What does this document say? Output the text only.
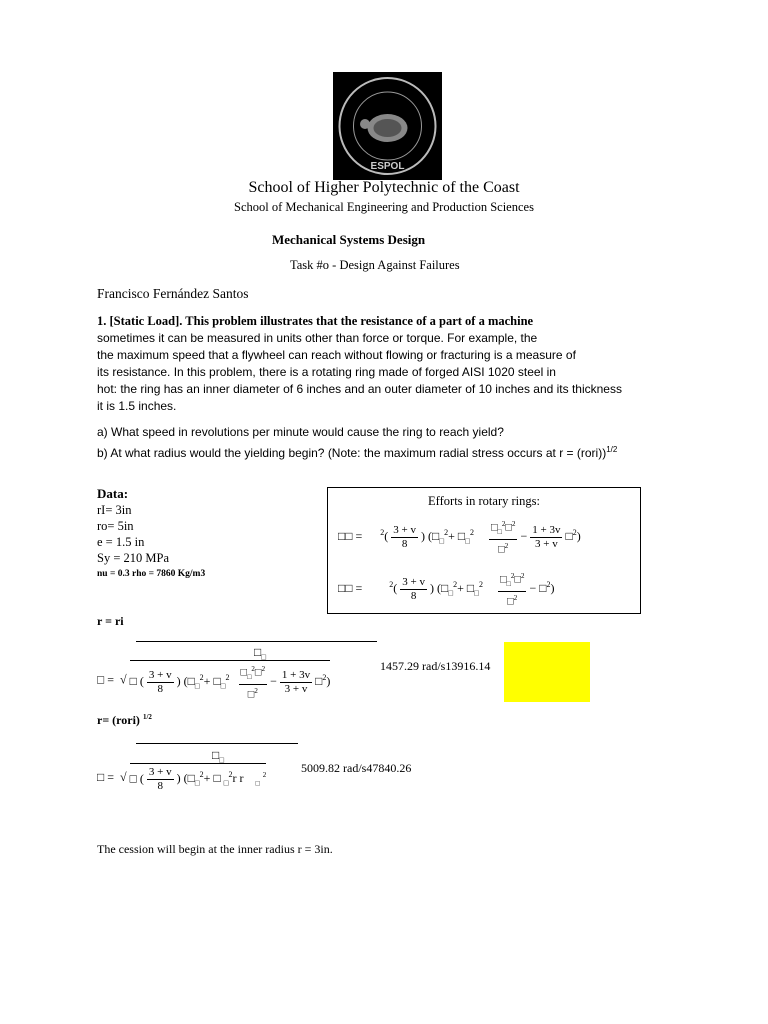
ESPOL
School of Higher Polytechnic of the Coast
School of Mechanical Engineering and Production Sciences
Mechanical Systems Design
Task #o - Design Against Failures
Francisco Fernández Santos

1. [Static Load]. This problem illustrates that the resistance of a part of a machine

sometimes it can be measured in units other than force or torque. For example, the

the maximum speed that a flywheel can reach without flowing or fracturing is a measure of

its resistance. In this problem, there is a rotating ring made of forged AISI 1020 steel in

hot: the ring has an inner diameter of 6 inches and an outer diameter of 10 inches and its thickness

it is 1.5 inches.

a) What speed in revolutions per minute would cause the ring to reach yield?

b) At what radius would the yielding begin? (Note: the maximum radial stress occurs at r = (rori))$^{1/2}$

Data:
rI= 3in
ro= 5in
e = 1.5 in
Sy = 210 MPa
nu = 0.3 rho = 7860 Kg/m3
Efforts in rotary rings:
□□ =      $^2( \frac{3 + v}{8}$ ) ($□_□^2+$ $□_□^2 \frac{□_□^2□^2}{□^2} - \frac{1 + 3v}{3 + v}$ □$^2$)
□□ =         $^2( \frac{3 + v}{8}$ ) ($□_□^2+$ $□_□^2 \frac{□_□^2□^2}{□^2}$ − □$^2$)
r = ri
$□_□$
□ =  √ □ ( $\frac{3 + v}{8}$ ) ($□_□^2+$ $□_□^2 \frac{□_□^2□^2}{□^2} - \frac{1 + 3v}{3 + v}$ □$^2$)
1457.29 rad/s13916.14
r= (rori) $^{1/2}$
$□_□$
□ =  √ □ ( $\frac{3 + v}{8}$ ) ($□_□^2+$ □ $_□^2$r r    $_□$ $^2$
5009.82 rad/s47840.26
The cession will begin at the inner radius r = 3in.
